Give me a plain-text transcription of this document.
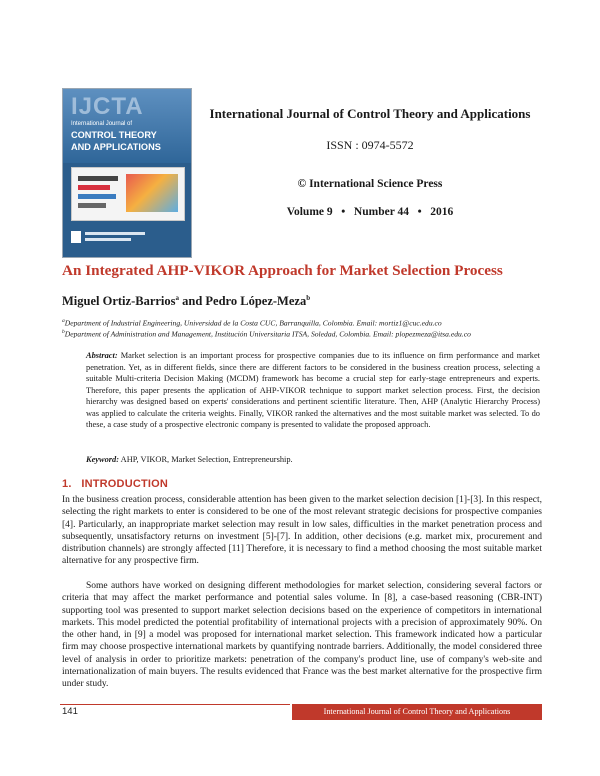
IJCTA
International Journal of
CONTROL THEORY
AND APPLICATIONS
International Journal of Control Theory and Applications
ISSN : 0974-5572
© International Science Press
Volume 9 • Number 44 • 2016
An Integrated AHP-VIKOR Approach for Market Selection Process
Miguel Ortiz-Barrios$^a$ and Pedro López-Meza$^b$
$^a$Department of Industrial Engineering, Universidad de la Costa CUC, Barranquilla, Colombia. Email: mortiz1@cuc.edu.co
$^b$Department of Administration and Management, Institución Universitaria ITSA, Soledad, Colombia. Email: plopezmeza@itsa.edu.co
Abstract: Market selection is an important process for prospective companies due to its influence on firm performance and market penetration. Yet, as in different fields, since there are different factors to be considered in the business creation process, selecting a suitable Multi-criteria Decision Making (MCDM) framework has become a crucial step for early-stage entrepreneurs and experts. Therefore, this paper presents the application of AHP-VIKOR technique to support market selection process. First, the decision hierarchy was designed based on experts' considerations and pertinent scientific literature. Then, AHP (Analytic Hierarchy Process) was applied to calculate the criteria weights. Finally, VIKOR ranked the alternatives and the most suitable market was selected. To do these, a case study of a prospective electronic company is presented to validate the proposed approach.
Keyword: AHP, VIKOR, Market Selection, Entrepreneurship.
1.   INTRODUCTION
In the business creation process, considerable attention has been given to the market selection decision [1]-[3]. In this respect, selecting the right markets to enter is considered to be one of the most relevant strategic decisions for prospective companies [4]. Particularly, an inappropriate market selection may result in low sales, difficulties in the market penetration process and subsequently, unsatisfactory returns on investment [5]-[7]. In addition, other decisions (e.g. market mix, procurement and distribution channels) are strongly affected [11] Therefore, it is necessary to find a method choosing the most suitable market alternative for any prospective firm.
Some authors have worked on designing different methodologies for market selection, considering several factors or criteria that may affect the market performance and potential sales volume. In [8], a case-based reasoning (CBR-INT) supporting tool was presented to support market selection decisions based on the experience of competitors in international markets. This model predicted the potential profitability of international projects with a precision of approximately 90%. On the other hand, in [9] a model was proposed for international market selection. This framework indicated how a particular firm may choose prospective international markets by quantifying nontrade barriers. Additionally, the model considered three level of analysis in order to prioritize markets: penetration of the company's product line, use of company's web-site and internationalization of main buyers. The results evidenced that France was the best market alternative for the prospective firm under study.
141	International Journal of Control Theory and Applications
